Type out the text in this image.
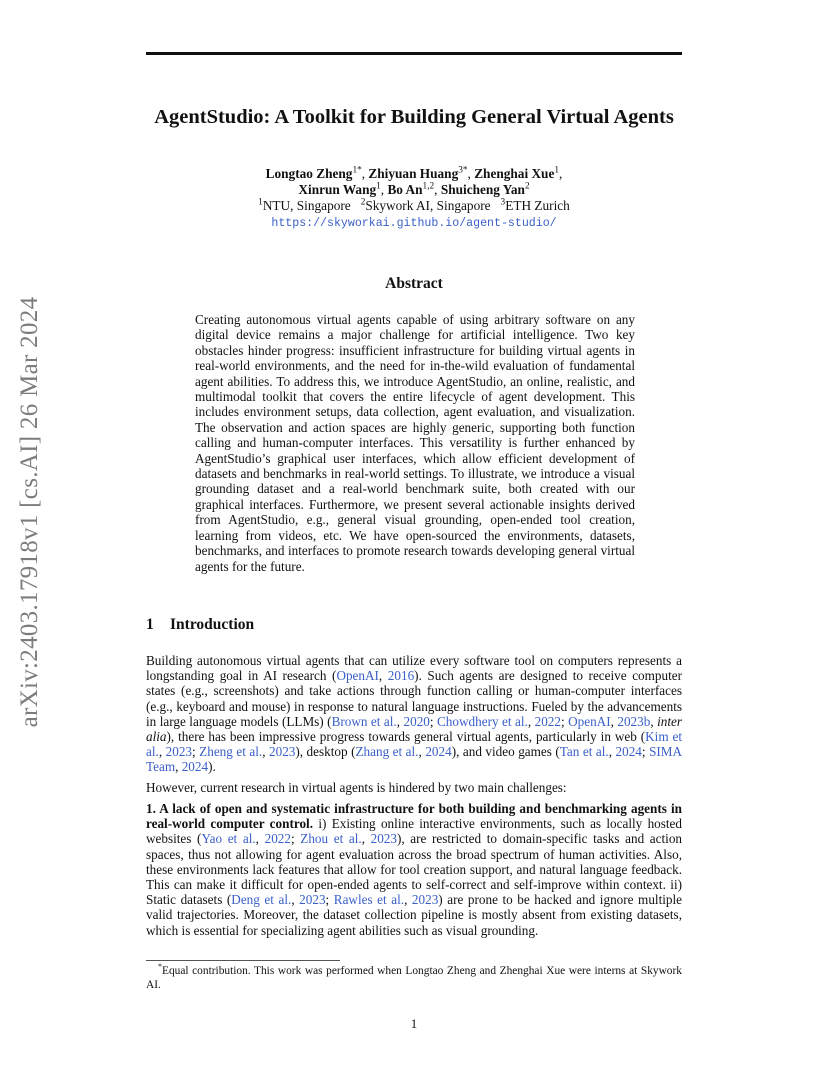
arXiv:2403.17918v1 [cs.AI] 26 Mar 2024
AgentStudio: A Toolkit for Building General Virtual Agents
Longtao Zheng$^{1*}$, Zhiyuan Huang$^{3*}$, Zhenghai Xue$^1$,
Xinrun Wang$^1$, Bo An$^{1,2}$, Shuicheng Yan$^2$
$^1$NTU, Singapore $^2$Skywork AI, Singapore $^3$ETH Zurich
https://skyworkai.github.io/agent-studio/
Abstract
Creating autonomous virtual agents capable of using arbitrary software on any digital device remains a major challenge for artificial intelligence. Two key obstacles hinder progress: insufficient infrastructure for building virtual agents in real-world environments, and the need for in-the-wild evaluation of fundamental agent abilities. To address this, we introduce AgentStudio, an online, realistic, and multimodal toolkit that covers the entire lifecycle of agent development. This includes environment setups, data collection, agent evaluation, and visualization. The observation and action spaces are highly generic, supporting both function calling and human-computer interfaces. This versatility is further enhanced by AgentStudio’s graphical user interfaces, which allow efficient development of datasets and benchmarks in real-world settings. To illustrate, we introduce a visual grounding dataset and a real-world benchmark suite, both created with our graphical interfaces. Furthermore, we present several actionable insights derived from AgentStudio, e.g., general visual grounding, open-ended tool creation, learning from videos, etc. We have open-sourced the environments, datasets, benchmarks, and interfaces to promote research towards developing general virtual agents for the future.
1 Introduction
Building autonomous virtual agents that can utilize every software tool on computers represents a longstanding goal in AI research (OpenAI, 2016). Such agents are designed to receive computer states (e.g., screenshots) and take actions through function calling or human-computer interfaces (e.g., keyboard and mouse) in response to natural language instructions. Fueled by the advancements in large language models (LLMs) (Brown et al., 2020; Chowdhery et al., 2022; OpenAI, 2023b, inter alia), there has been impressive progress towards general virtual agents, particularly in web (Kim et al., 2023; Zheng et al., 2023), desktop (Zhang et al., 2024), and video games (Tan et al., 2024; SIMA Team, 2024).
However, current research in virtual agents is hindered by two main challenges:
1. A lack of open and systematic infrastructure for both building and benchmarking agents in real-world computer control. i) Existing online interactive environments, such as locally hosted websites (Yao et al., 2022; Zhou et al., 2023), are restricted to domain-specific tasks and action spaces, thus not allowing for agent evaluation across the broad spectrum of human activities. Also, these environments lack features that allow for tool creation support, and natural language feedback. This can make it difficult for open-ended agents to self-correct and self-improve within context. ii) Static datasets (Deng et al., 2023; Rawles et al., 2023) are prone to be hacked and ignore multiple valid trajectories. Moreover, the dataset collection pipeline is mostly absent from existing datasets, which is essential for specializing agent abilities such as visual grounding.
*Equal contribution. This work was performed when Longtao Zheng and Zhenghai Xue were interns at Skywork AI.
1
